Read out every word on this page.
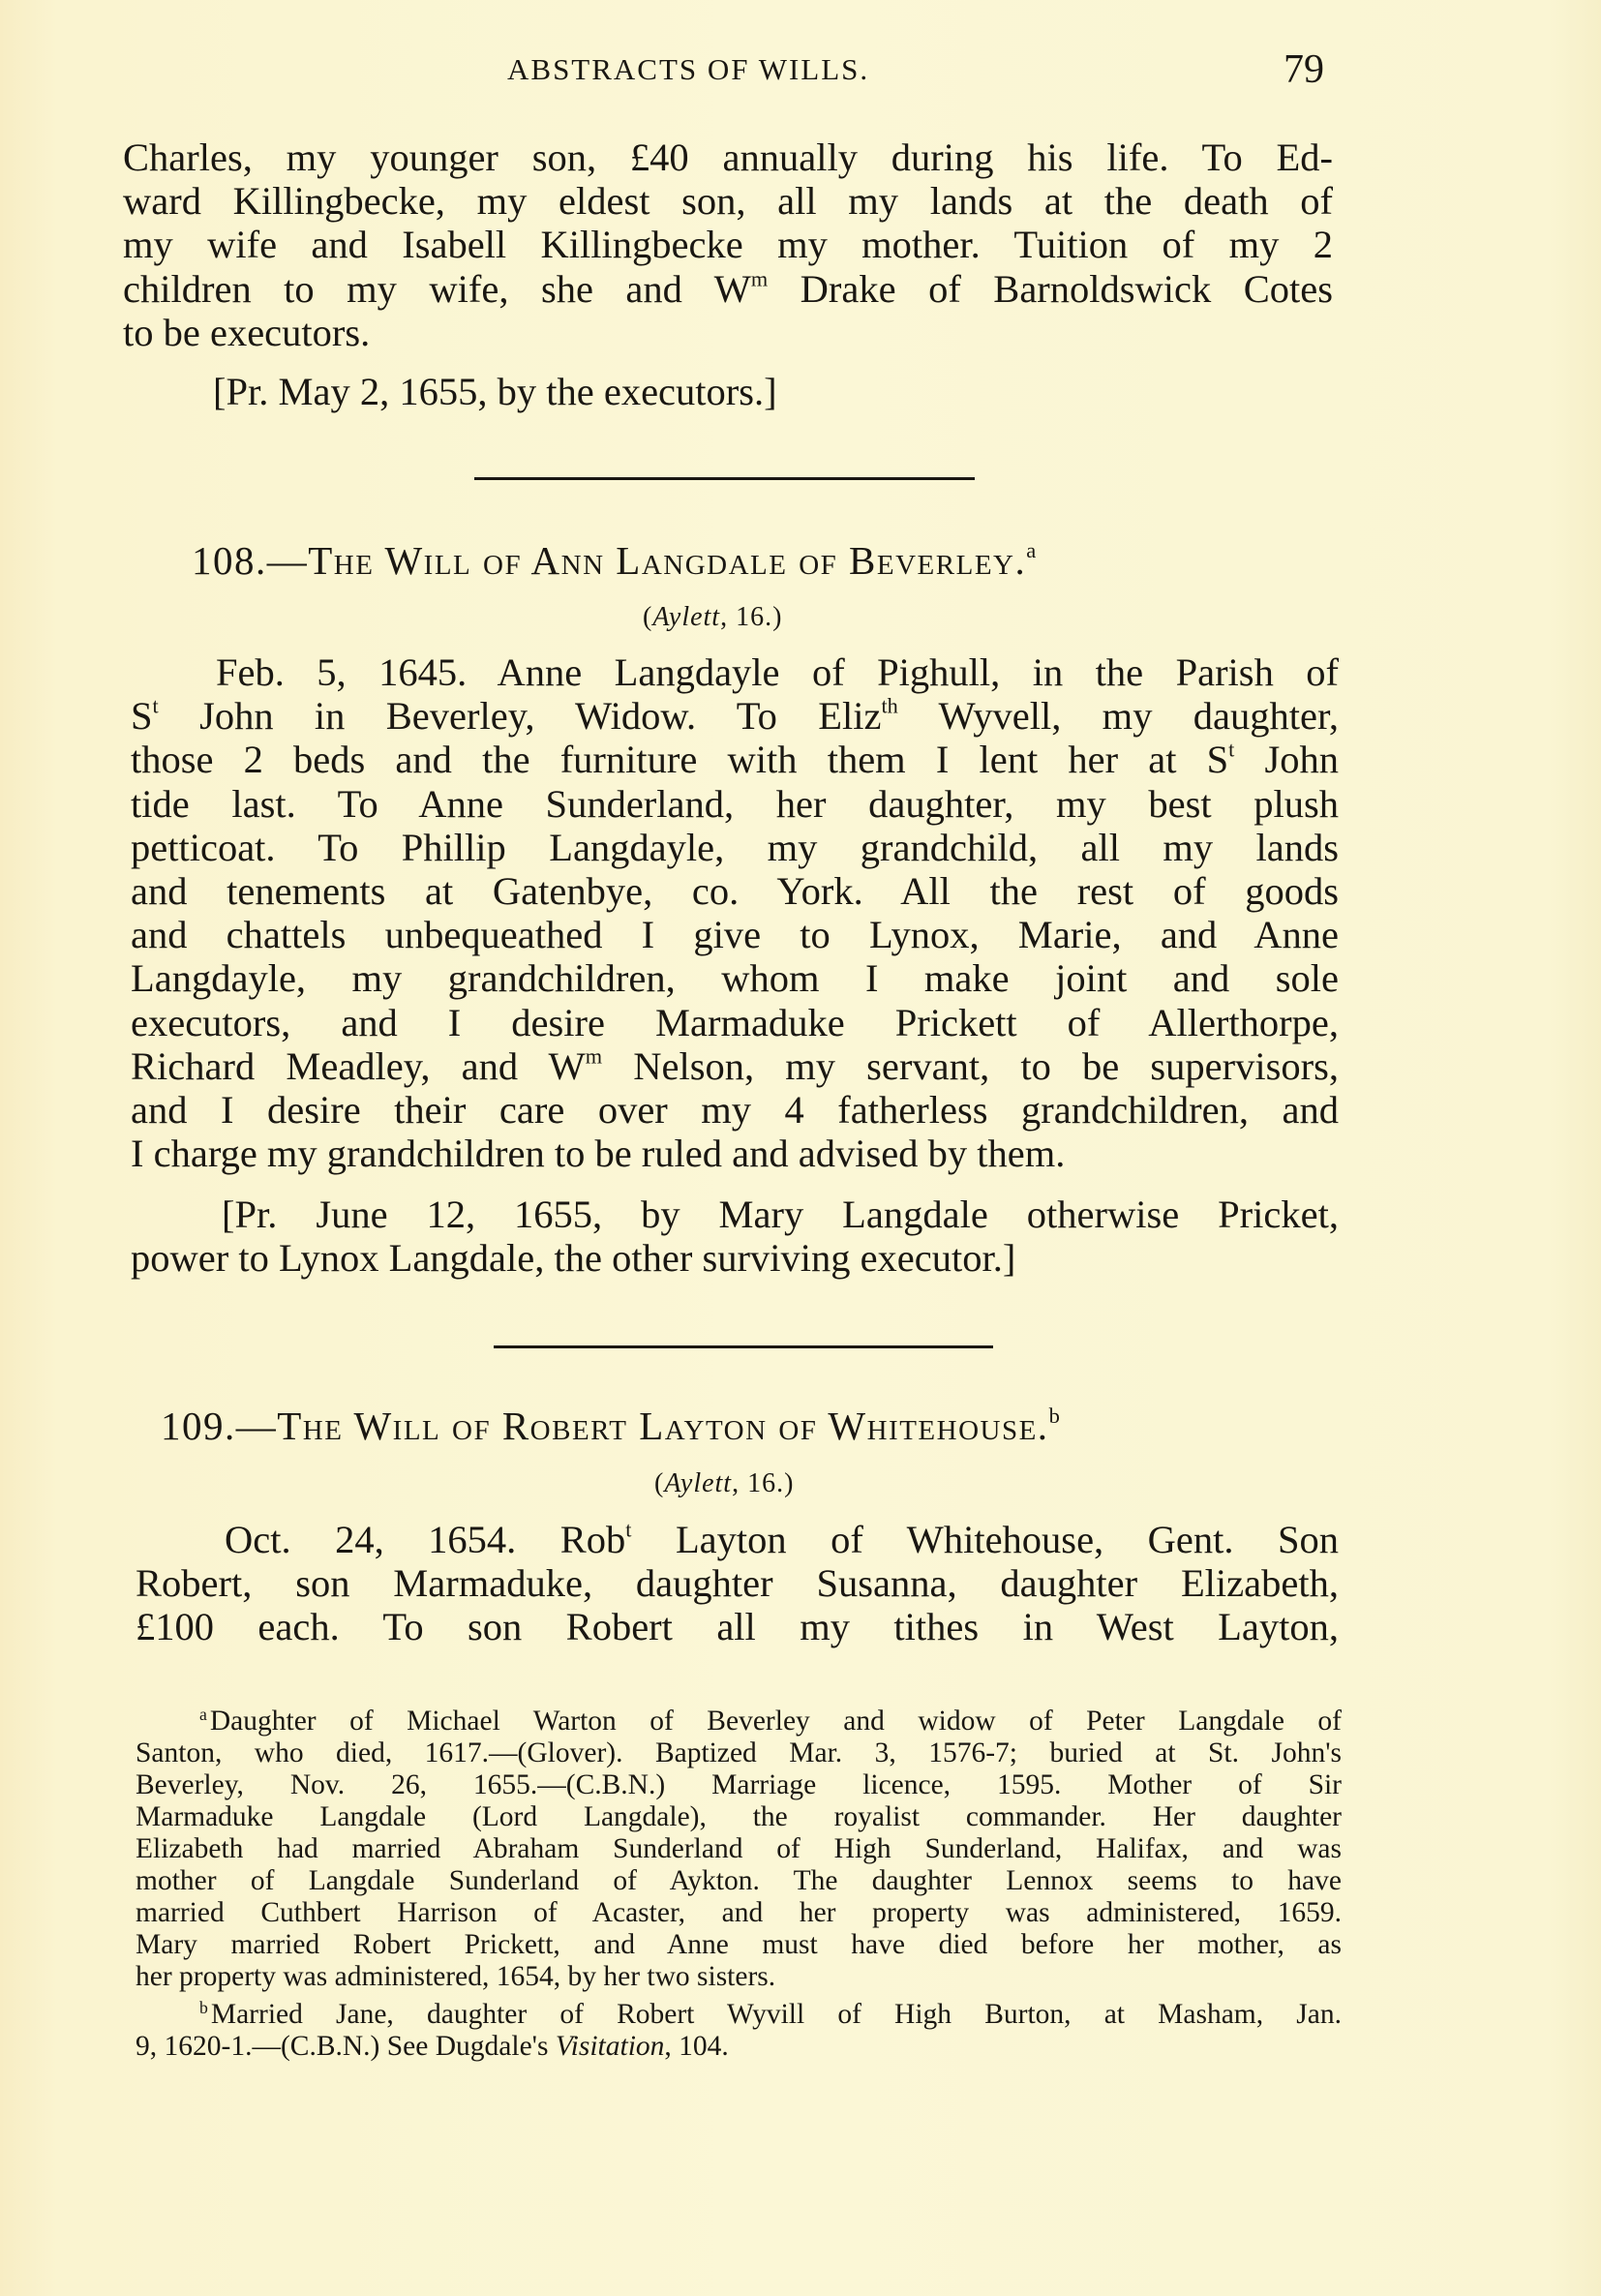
ABSTRACTS OF WILLS.	79
Charles, my younger son, £40 annually during his life. To Ed-
ward Killingbecke, my eldest son, all my lands at the death of
my wife and Isabell Killingbecke my mother. Tuition of my 2
children to my wife, she and $W^m$ Drake of Barnoldswick Cotes
to be executors.
[Pr. May 2, 1655, by the executors.]
108.—The Will of Ann Langdale of Beverley.$^a$
(Aylett, 16.)
Feb. 5, 1645. Anne Langdayle of Pighull, in the Parish of
$S^t$ John in Beverley, Widow. To Eliz$^{th}$ Wyvell, my daughter,
those 2 beds and the furniture with them I lent her at $S^t$ John
tide last. To Anne Sunderland, her daughter, my best plush
petticoat. To Phillip Langdayle, my grandchild, all my lands
and tenements at Gatenbye, co. York. All the rest of goods
and chattels unbequeathed I give to Lynox, Marie, and Anne
Langdayle, my grandchildren, whom I make joint and sole
executors, and I desire Marmaduke Prickett of Allerthorpe,
Richard Meadley, and $W^m$ Nelson, my servant, to be supervisors,
and I desire their care over my 4 fatherless grandchildren, and
I charge my grandchildren to be ruled and advised by them.
[Pr. June 12, 1655, by Mary Langdale otherwise Pricket,
power to Lynox Langdale, the other surviving executor.]
109.—The Will of Robert Layton of Whitehouse.$^b$
(Aylett, 16.)
Oct. 24, 1654. Rob$^t$ Layton of Whitehouse, Gent. Son
Robert, son Marmaduke, daughter Susanna, daughter Elizabeth,
£100 each. To son Robert all my tithes in West Layton,
$^a$ Daughter of Michael Warton of Beverley and widow of Peter Langdale of
Santon, who died, 1617.—(Glover). Baptized Mar. 3, 1576-7; buried at St. John's
Beverley, Nov. 26, 1655.—(C.B.N.) Marriage licence, 1595. Mother of Sir
Marmaduke Langdale (Lord Langdale), the royalist commander. Her daughter
Elizabeth had married Abraham Sunderland of High Sunderland, Halifax, and was
mother of Langdale Sunderland of Aykton. The daughter Lennox seems to have
married Cuthbert Harrison of Acaster, and her property was administered, 1659.
Mary married Robert Prickett, and Anne must have died before her mother, as
her property was administered, 1654, by her two sisters.
$^b$ Married Jane, daughter of Robert Wyvill of High Burton, at Masham, Jan.
9, 1620-1.—(C.B.N.) See Dugdale's Visitation, 104.
